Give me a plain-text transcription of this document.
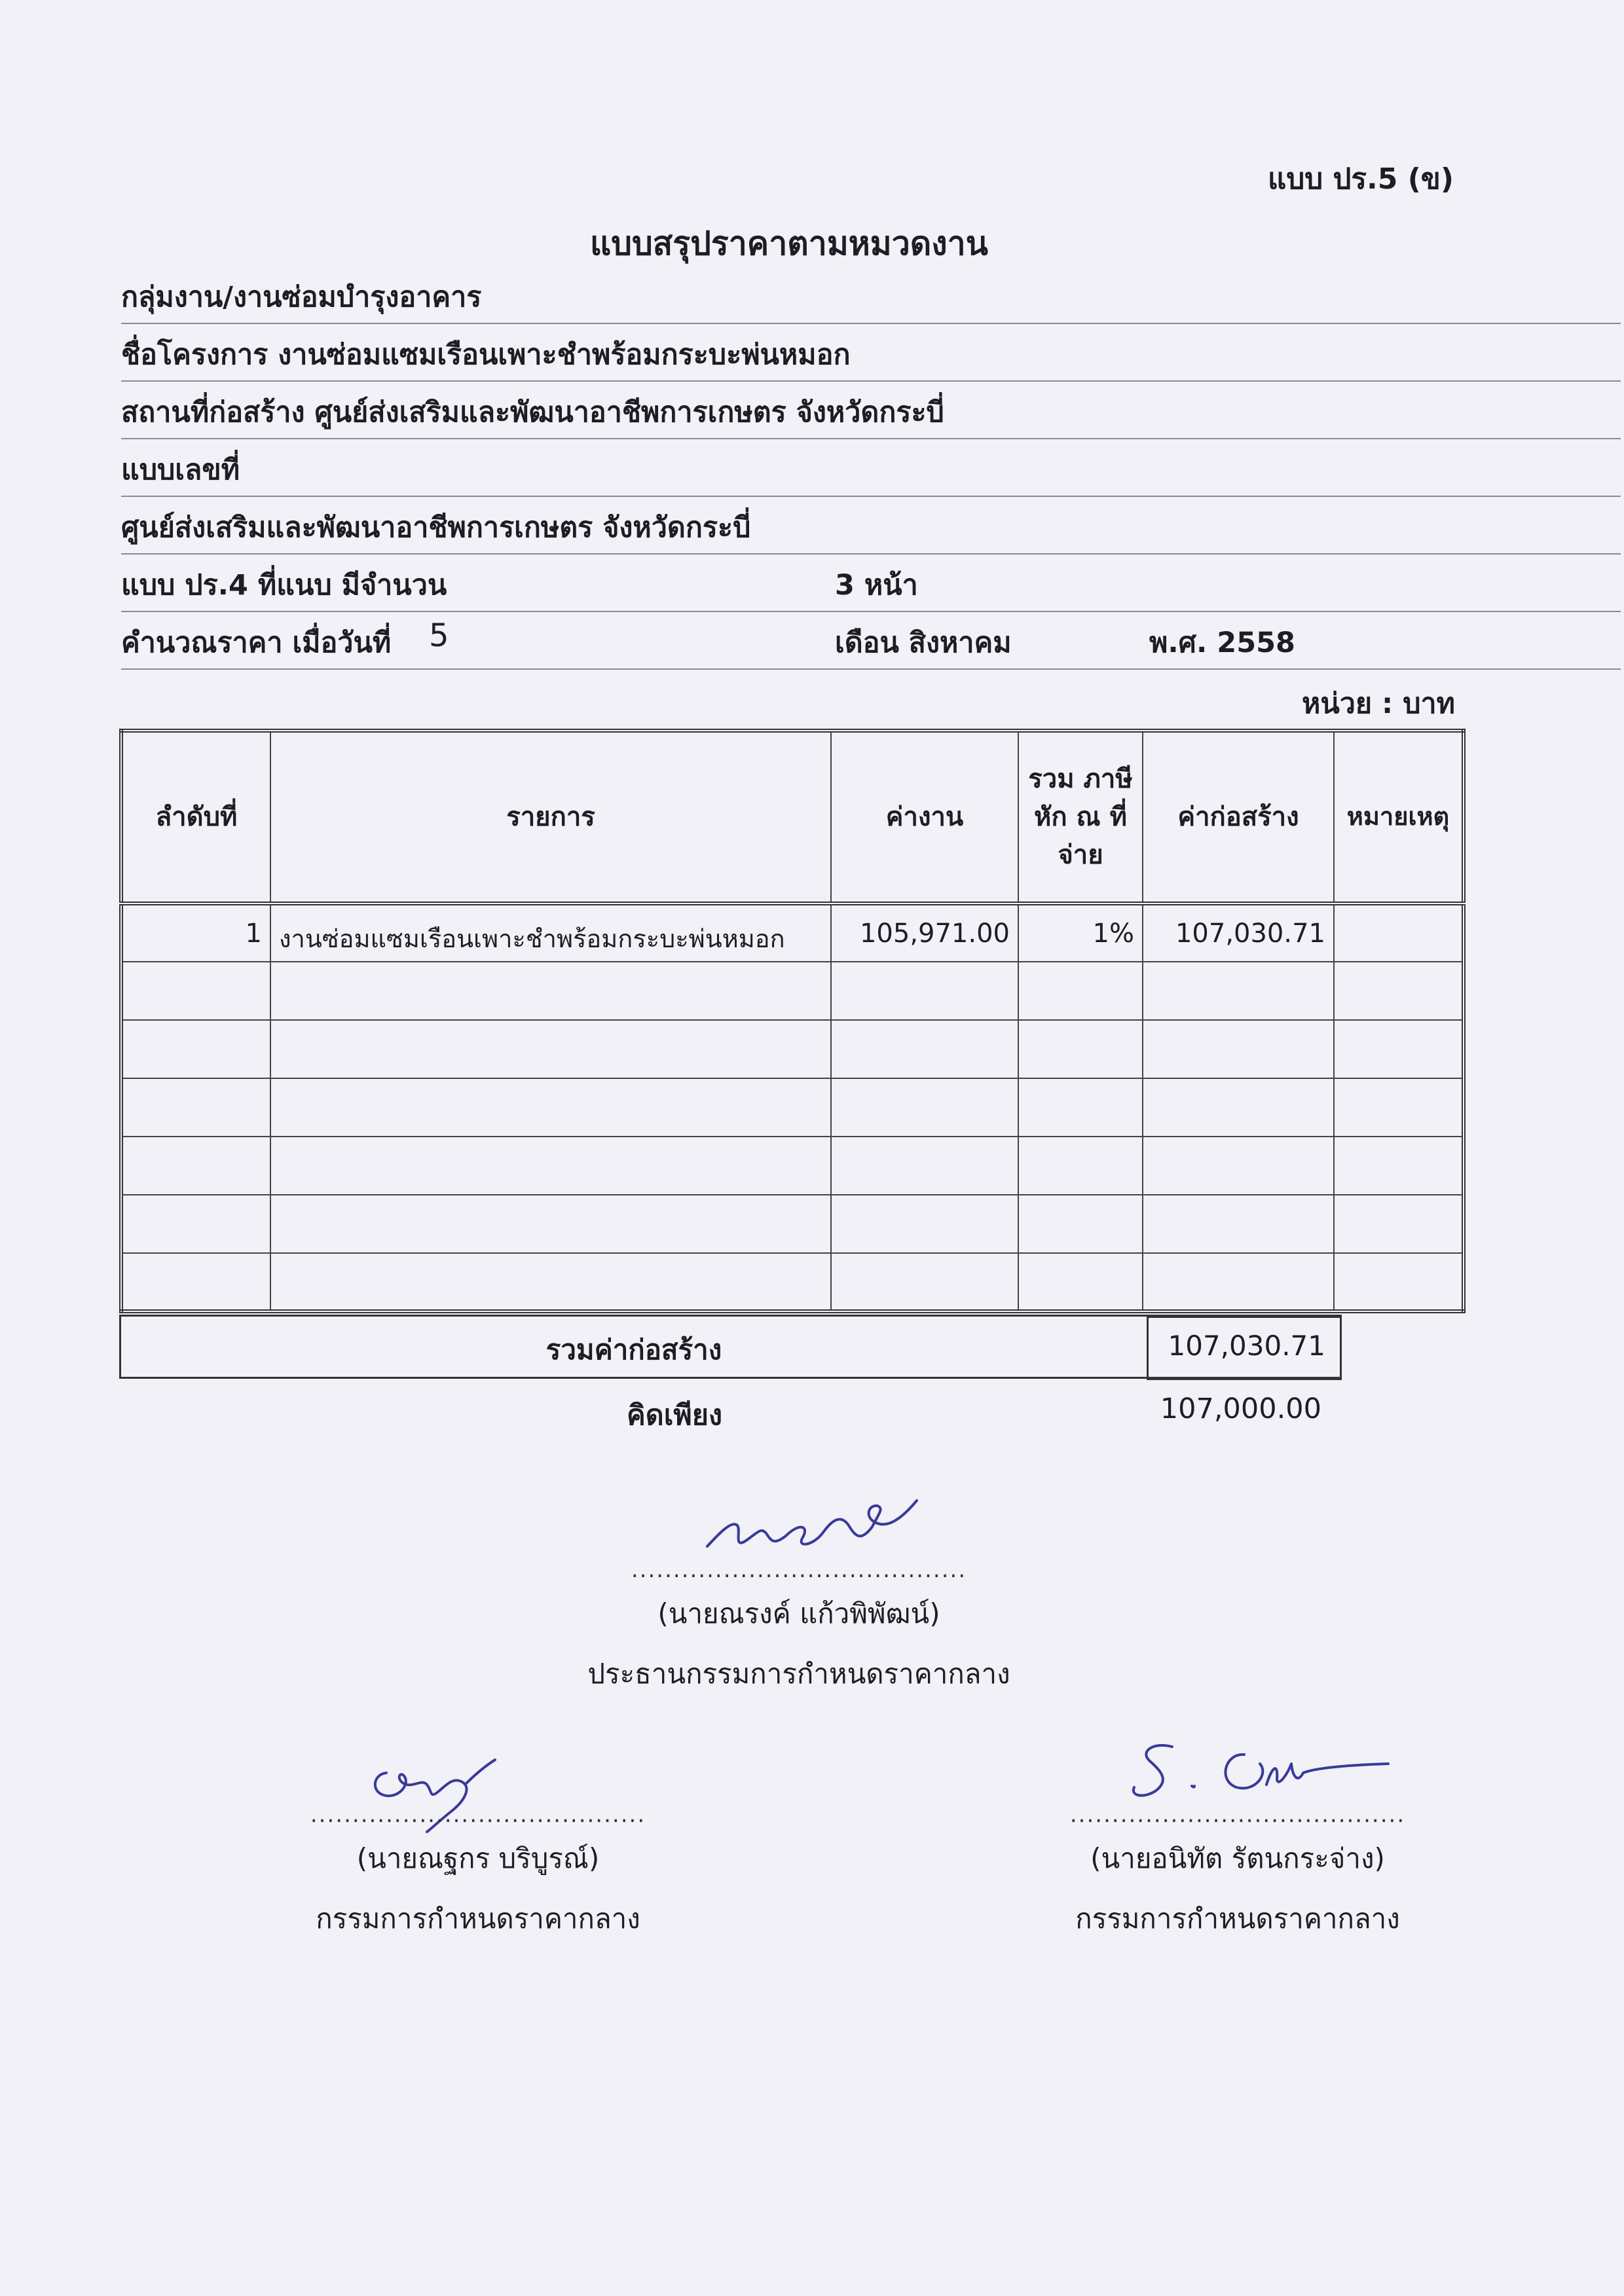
แบบ ปร.5 (ข)
แบบสรุปราคาตามหมวดงาน
กลุ่มงาน/งานซ่อมบำรุงอาคาร
ชื่อโครงการ งานซ่อมแซมเรือนเพาะชำพร้อมกระบะพ่นหมอก
สถานที่ก่อสร้าง ศูนย์ส่งเสริมและพัฒนาอาชีพการเกษตร จังหวัดกระบี่
แบบเลขที่
ศูนย์ส่งเสริมและพัฒนาอาชีพการเกษตร จังหวัดกระบี่
แบบ ปร.4 ที่แนบ มีจำนวน	3 หน้า
คำนวณราคา เมื่อวันที่ 5	เดือน สิงหาคม	พ.ศ. 2558
หน่วย : บาท
ลำดับที่	รายการ	ค่างาน	รวม ภาษีหัก ณ ที่จ่าย	ค่าก่อสร้าง	หมายเหตุ
1	งานซ่อมแซมเรือนเพาะชำพร้อมกระบะพ่นหมอก	105,971.00	1%	107,030.71	

รวมค่าก่อสร้าง	107,030.71
คิดเพียง	107,000.00
........................................
(นายณรงค์ แก้วพิพัฒน์)
ประธานกรรมการกำหนดราคากลาง
........................................
(นายณฐกร บริบูรณ์)
กรรมการกำหนดราคากลาง
........................................
(นายอนิทัต รัตนกระจ่าง)
กรรมการกำหนดราคากลาง
